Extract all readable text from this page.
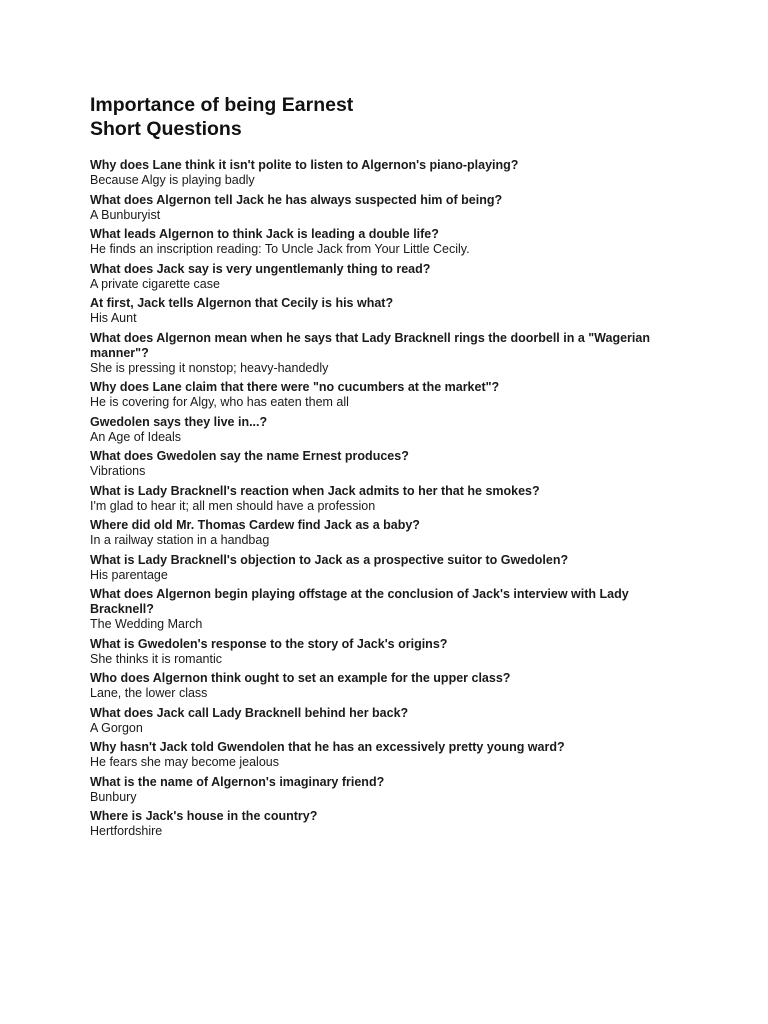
Importance of being Earnest
Short Questions
Why does Lane think it isn't polite to listen to Algernon's piano-playing?
Because Algy is playing badly
What does Algernon tell Jack he has always suspected him of being?
A Bunburyist
What leads Algernon to think Jack is leading a double life?
He finds an inscription reading: To Uncle Jack from Your Little Cecily.
What does Jack say is very ungentlemanly thing to read?
A private cigarette case
At first, Jack tells Algernon that Cecily is his what?
His Aunt
What does Algernon mean when he says that Lady Bracknell rings the doorbell in a "Wagerian manner"?
She is pressing it nonstop; heavy-handedly
Why does Lane claim that there were "no cucumbers at the market"?
He is covering for Algy, who has eaten them all
Gwedolen says they live in...?
An Age of Ideals
What does Gwedolen say the name Ernest produces?
Vibrations
What is Lady Bracknell's reaction when Jack admits to her that he smokes?
I'm glad to hear it; all men should have a profession
Where did old Mr. Thomas Cardew find Jack as a baby?
In a railway station in a handbag
What is Lady Bracknell's objection to Jack as a prospective suitor to Gwedolen?
His parentage
What does Algernon begin playing offstage at the conclusion of Jack's interview with Lady Bracknell?
The Wedding March
What is Gwedolen's response to the story of Jack's origins?
She thinks it is romantic
Who does Algernon think ought to set an example for the upper class?
Lane, the lower class
What does Jack call Lady Bracknell behind her back?
A Gorgon
Why hasn't Jack told Gwendolen that he has an excessively pretty young ward?
He fears she may become jealous
What is the name of Algernon's imaginary friend?
Bunbury
Where is Jack's house in the country?
Hertfordshire
